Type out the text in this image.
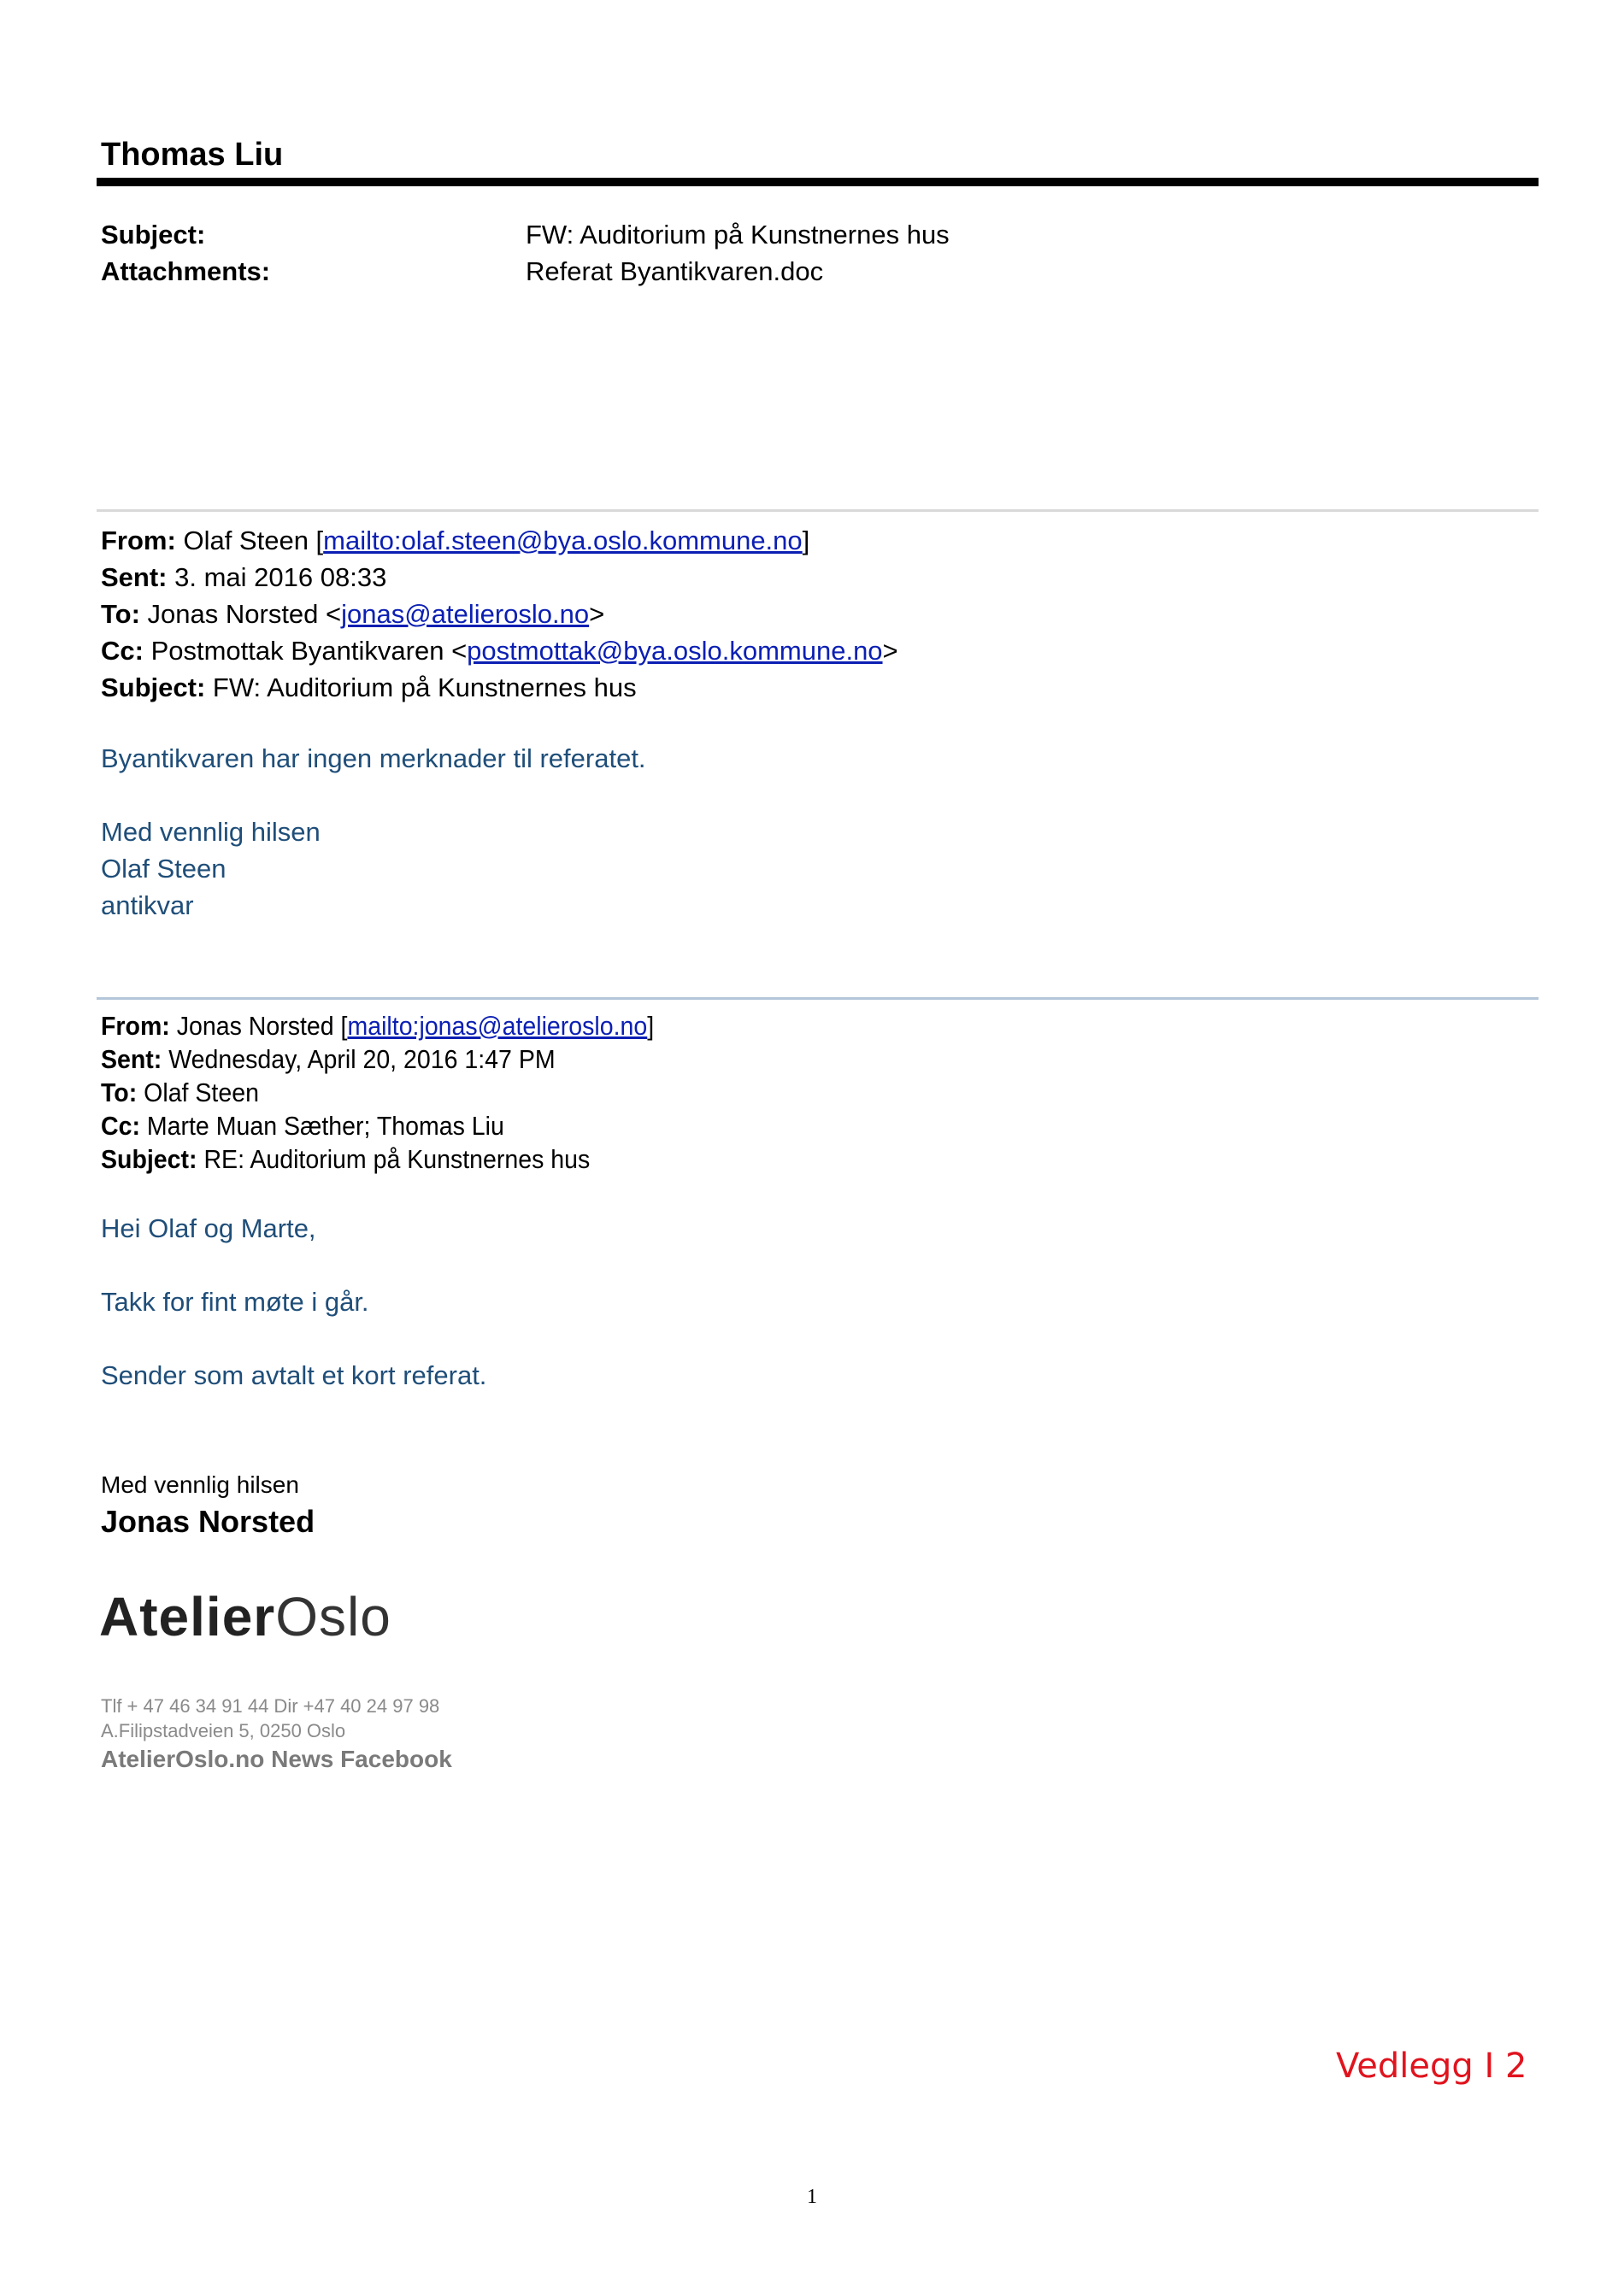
Thomas Liu
Subject:	FW: Auditorium på Kunstnernes hus
Attachments:	Referat Byantikvaren.doc
From: Olaf Steen [mailto:olaf.steen@bya.oslo.kommune.no]
Sent: 3. mai 2016 08:33
To: Jonas Norsted <jonas@atelieroslo.no>
Cc: Postmottak Byantikvaren <postmottak@bya.oslo.kommune.no>
Subject: FW: Auditorium på Kunstnernes hus
Byantikvaren har ingen merknader til referatet.
Med vennlig hilsen
Olaf Steen
antikvar
From: Jonas Norsted [mailto:jonas@atelieroslo.no]
Sent: Wednesday, April 20, 2016 1:47 PM
To: Olaf Steen
Cc: Marte Muan Sæther; Thomas Liu
Subject: RE: Auditorium på Kunstnernes hus
Hei Olaf og Marte,
Takk for fint møte i går.
Sender som avtalt et kort referat.
Med vennlig hilsen
Jonas Norsted
AtelierOslo
Tlf + 47 46 34 91 44 Dir +47 40 24 97 98
A.Filipstadveien 5, 0250 Oslo
AtelierOslo.no News Facebook
Vedlegg I 2
1
